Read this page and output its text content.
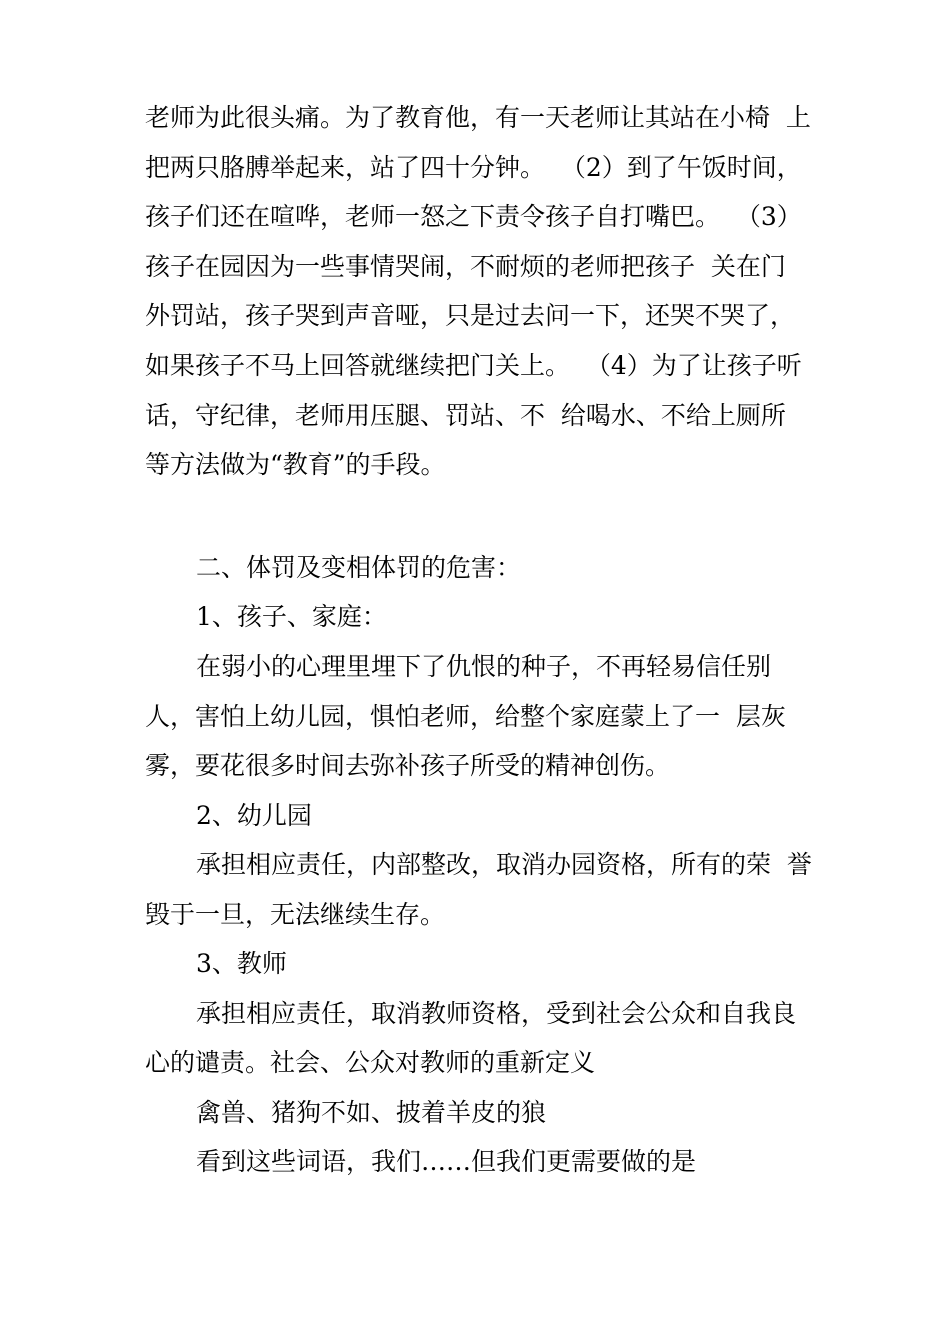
老师为此很头痛。为了教育他，有一天老师让其站在小椅  上
把两只胳膊举起来，站了四十分钟。  （2）到了午饭时间，
孩子们还在喧哗，老师一怒之下责令孩子自打嘴巴。  （3）
孩子在园因为一些事情哭闹，不耐烦的老师把孩子  关在门
外罚站，孩子哭到声音哑，只是过去问一下，还哭不哭了，
如果孩子不马上回答就继续把门关上。  （4）为了让孩子听
话，守纪律，老师用压腿、罚站、不  给喝水、不给上厕所
等方法做为“教育”的手段。
二、体罚及变相体罚的危害：
1、孩子、家庭：
在弱小的心理里埋下了仇恨的种子，不再轻易信任别
人，害怕上幼儿园，惧怕老师，给整个家庭蒙上了一  层灰
雾，要花很多时间去弥补孩子所受的精神创伤。
2、幼儿园
承担相应责任，内部整改，取消办园资格，所有的荣  誉
毁于一旦，无法继续生存。
3、教师
承担相应责任，取消教师资格，受到社会公众和自我良
心的谴责。社会、公众对教师的重新定义
禽兽、猪狗不如、披着羊皮的狼
看到这些词语，我们……但我们更需要做的是
